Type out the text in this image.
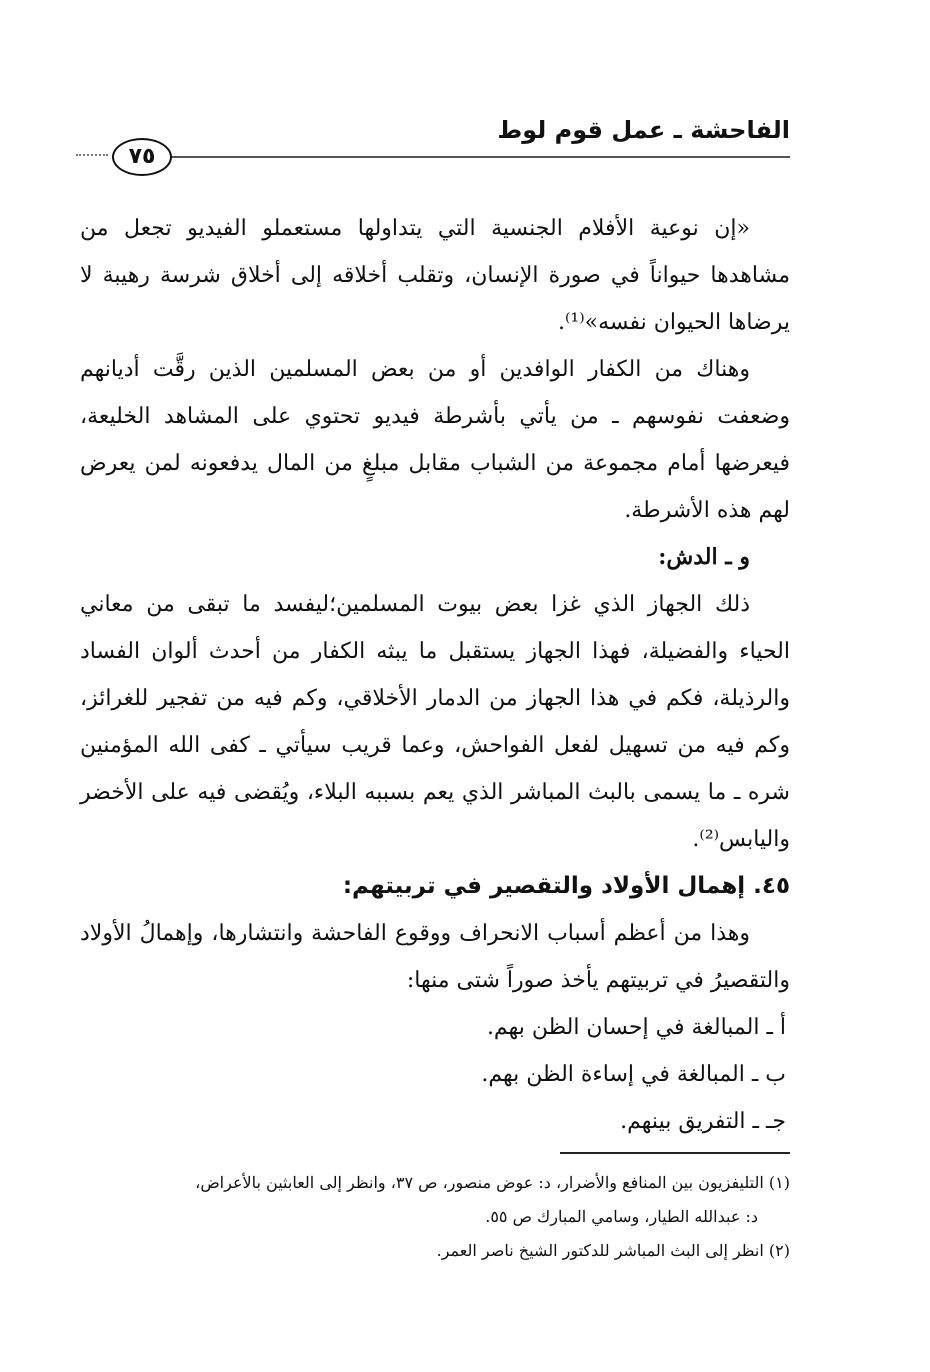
الفاحشة ـ عمل قوم لوط
٧٥

«إن نوعية الأفلام الجنسية التي يتداولها مستعملو الفيديو تجعل من مشاهدها حيواناً في صورة الإنسان، وتقلب أخلاقه إلى أخلاق شرسة رهيبة لا يرضاها الحيوان نفسه»⁽¹⁾.

وهناك من الكفار الوافدين أو من بعض المسلمين الذين رقَّت أديانهم وضعفت نفوسهم ـ من يأتي بأشرطة فيديو تحتوي على المشاهد الخليعة، فيعرضها أمام مجموعة من الشباب مقابل مبلغٍ من المال يدفعونه لمن يعرض لهم هذه الأشرطة.

و ـ الدش:

ذلك الجهاز الذي غزا بعض بيوت المسلمين؛ليفسد ما تبقى من معاني الحياء والفضيلة، فهذا الجهاز يستقبل ما يبثه الكفار من أحدث ألوان الفساد والرذيلة، فكم في هذا الجهاز من الدمار الأخلاقي، وكم فيه من تفجير للغرائز، وكم فيه من تسهيل لفعل الفواحش، وعما قريب سيأتي ـ كفى الله المؤمنين شره ـ ما يسمى بالبث المباشر الذي يعم بسببه البلاء، ويُقضى فيه على الأخضر واليابس⁽²⁾.

٤٥. إهمال الأولاد والتقصير في تربيتهم:

وهذا من أعظم أسباب الانحراف ووقوع الفاحشة وانتشارها، وإهمالُ الأولاد والتقصيرُ في تربيتهم يأخذ صوراً شتى منها:

أ ـ المبالغة في إحسان الظن بهم.

ب ـ المبالغة في إساءة الظن بهم.

جـ ـ التفريق بينهم.

(١) التليفزيون بين المنافع والأضرار، د: عوض منصور، ص ٣٧، وانظر إلى العابثين بالأعراض،

د: عبدالله الطيار، وسامي المبارك ص ٥٥.

(٢) انظر إلى البث المباشر للدكتور الشيخ ناصر العمر.
